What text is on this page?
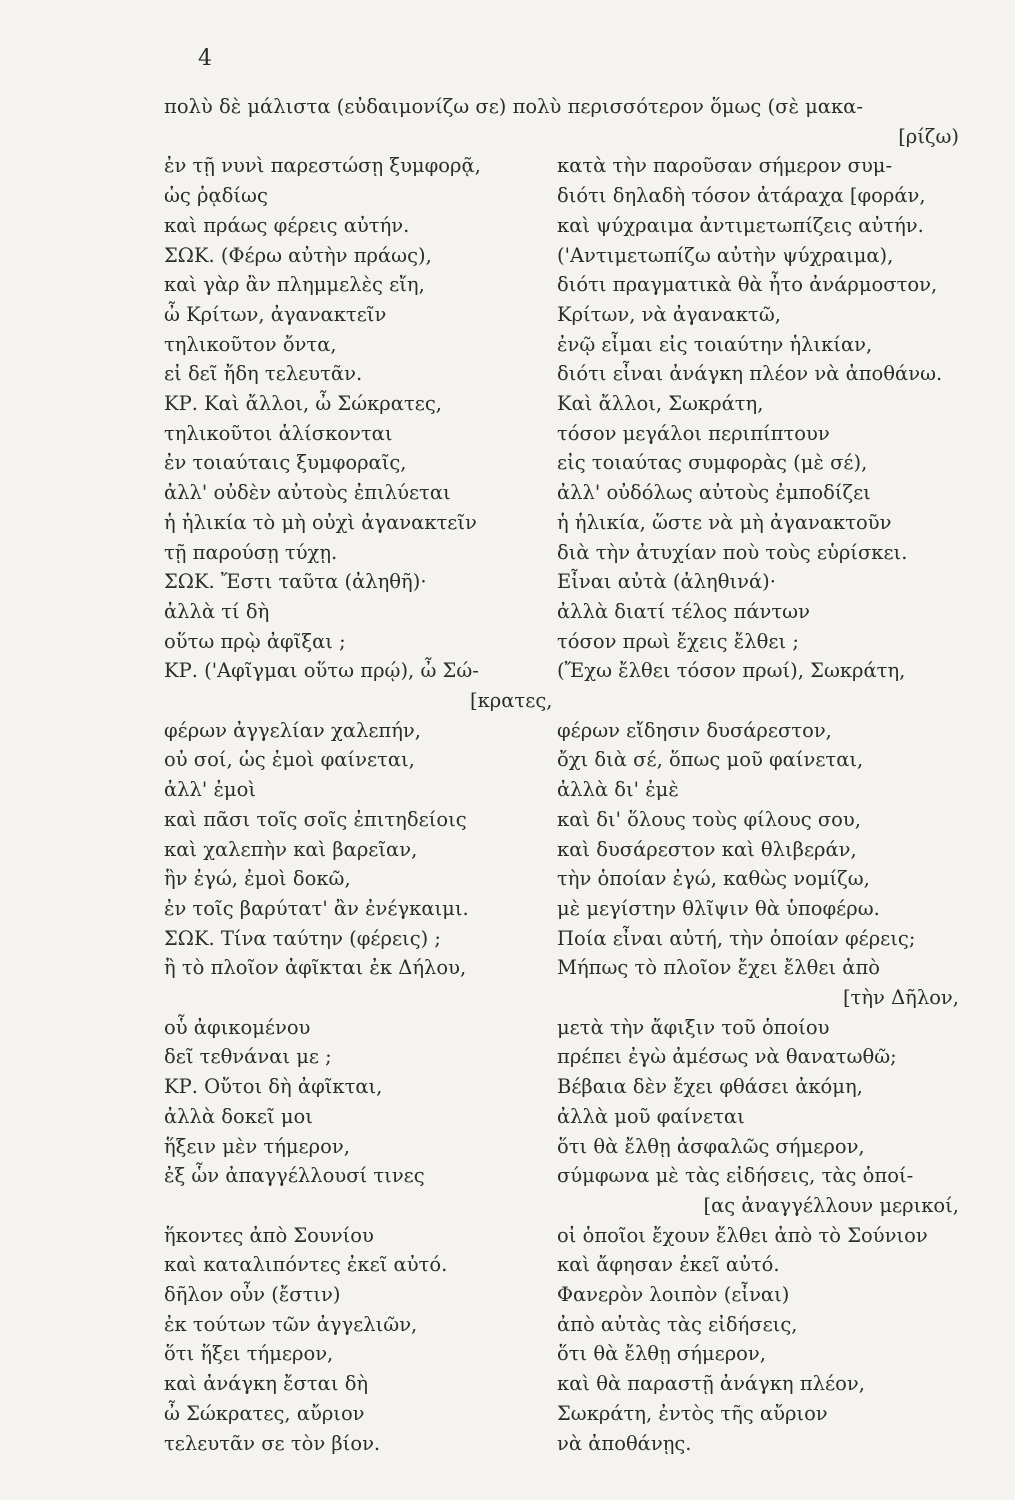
4
πολὺ δὲ μάλιστα (εὐδαιμονίζω σε) πολὺ περισσότερον ὅμως (σὲ μακα-
[ρίζω)
ἐν τῇ νυνὶ παρεστώσῃ ξυμφορᾷ,	κατὰ τὴν παροῦσαν σήμερον συμ-
ὡς ῥᾳδίως	διότι δηλαδὴ τόσον ἀτάραχα [φοράν,
καὶ πράως φέρεις αὐτήν.	καὶ ψύχραιμα ἀντιμετωπίζεις αὐτήν.
ΣΩΚ. (Φέρω αὐτὴν πράως),	('Αντιμετωπίζω αὐτὴν ψύχραιμα),
καὶ γὰρ ἂν πλημμελὲς εἴη,	διότι πραγματικὰ θὰ ἦτο ἀνάρμοστον,
ὦ Κρίτων, ἀγανακτεῖν	Κρίτων, νὰ ἀγανακτῶ,
τηλικοῦτον ὄντα,	ἐνῷ εἶμαι εἰς τοιαύτην ἡλικίαν,
εἰ δεῖ ἤδη τελευτᾶν.	διότι εἶναι ἀνάγκη πλέον νὰ ἀποθάνω.
ΚΡ. Καὶ ἄλλοι, ὦ Σώκρατες,	Καὶ ἄλλοι, Σωκράτη,
τηλικοῦτοι ἁλίσκονται	τόσον μεγάλοι περιπίπτουν
ἐν τοιαύταις ξυμφοραῖς,	εἰς τοιαύτας συμφορὰς (μὲ σέ),
ἀλλ' οὐδὲν αὐτοὺς ἐπιλύεται	ἀλλ' οὐδόλως αὐτοὺς ἐμποδίζει
ἡ ἡλικία τὸ μὴ οὐχὶ ἀγανακτεῖν	ἡ ἡλικία, ὥστε νὰ μὴ ἀγανακτοῦν
τῇ παρούσῃ τύχῃ.	διὰ τὴν ἀτυχίαν ποὺ τοὺς εὑρίσκει.
ΣΩΚ. Ἔστι ταῦτα (ἀληθῆ)·	Εἶναι αὐτὰ (ἀληθινά)·
ἀλλὰ τί δὴ	ἀλλὰ διατί τέλος πάντων
οὕτω πρῲ ἀφῖξαι ;	τόσον πρωὶ ἔχεις ἔλθει ;
ΚΡ. ('Αφῖγμαι οὕτω πρῴ), ὦ Σώ-	(Ἔχω ἔλθει τόσον πρωί), Σωκράτη,
[κρατες,
φέρων ἀγγελίαν χαλεπήν,	φέρων εἴδησιν δυσάρεστον,
οὐ σοί, ὡς ἐμοὶ φαίνεται,	ὄχι διὰ σέ, ὅπως μοῦ φαίνεται,
ἀλλ' ἐμοὶ	ἀλλὰ δι' ἐμὲ
καὶ πᾶσι τοῖς σοῖς ἐπιτηδείοις	καὶ δι' ὅλους τοὺς φίλους σου,
καὶ χαλεπὴν καὶ βαρεῖαν,	καὶ δυσάρεστον καὶ θλιβεράν,
ἣν ἐγώ, ἐμοὶ δοκῶ,	τὴν ὁποίαν ἐγώ, καθὼς νομίζω,
ἐν τοῖς βαρύτατ' ἂν ἐνέγκαιμι.	μὲ μεγίστην θλῖψιν θὰ ὑποφέρω.
ΣΩΚ. Τίνα ταύτην (φέρεις) ;	Ποία εἶναι αὐτή, τὴν ὁποίαν φέρεις;
ἢ τὸ πλοῖον ἀφῖκται ἐκ Δήλου,	Μήπως τὸ πλοῖον ἔχει ἔλθει ἀπὸ
[τὴν Δῆλον,
οὗ ἀφικομένου	μετὰ τὴν ἄφιξιν τοῦ ὁποίου
δεῖ τεθνάναι με ;	πρέπει ἐγὼ ἀμέσως νὰ θανατωθῶ;
ΚΡ. Οὔτοι δὴ ἀφῖκται,	Βέβαια δὲν ἔχει φθάσει ἀκόμη,
ἀλλὰ δοκεῖ μοι	ἀλλὰ μοῦ φαίνεται
ἥξειν μὲν τήμερον,	ὅτι θὰ ἔλθῃ ἀσφαλῶς σήμερον,
ἐξ ὧν ἀπαγγέλλουσί τινες	σύμφωνα μὲ τὰς εἰδήσεις, τὰς ὁποί-
[ας ἀναγγέλλουν μερικοί,
ἥκοντες ἀπὸ Σουνίου	οἱ ὁποῖοι ἔχουν ἔλθει ἀπὸ τὸ Σούνιον
καὶ καταλιπόντες ἐκεῖ αὐτό.	καὶ ἄφησαν ἐκεῖ αὐτό.
δῆλον οὖν (ἔστιν)	Φανερὸν λοιπὸν (εἶναι)
ἐκ τούτων τῶν ἀγγελιῶν,	ἀπὸ αὐτὰς τὰς εἰδήσεις,
ὅτι ἥξει τήμερον,	ὅτι θὰ ἔλθῃ σήμερον,
καὶ ἀνάγκη ἔσται δὴ	καὶ θὰ παραστῇ ἀνάγκη πλέον,
ὦ Σώκρατες, αὔριον	Σωκράτη, ἐντὸς τῆς αὔριον
τελευτᾶν σε τὸν βίον.	νὰ ἀποθάνῃς.
